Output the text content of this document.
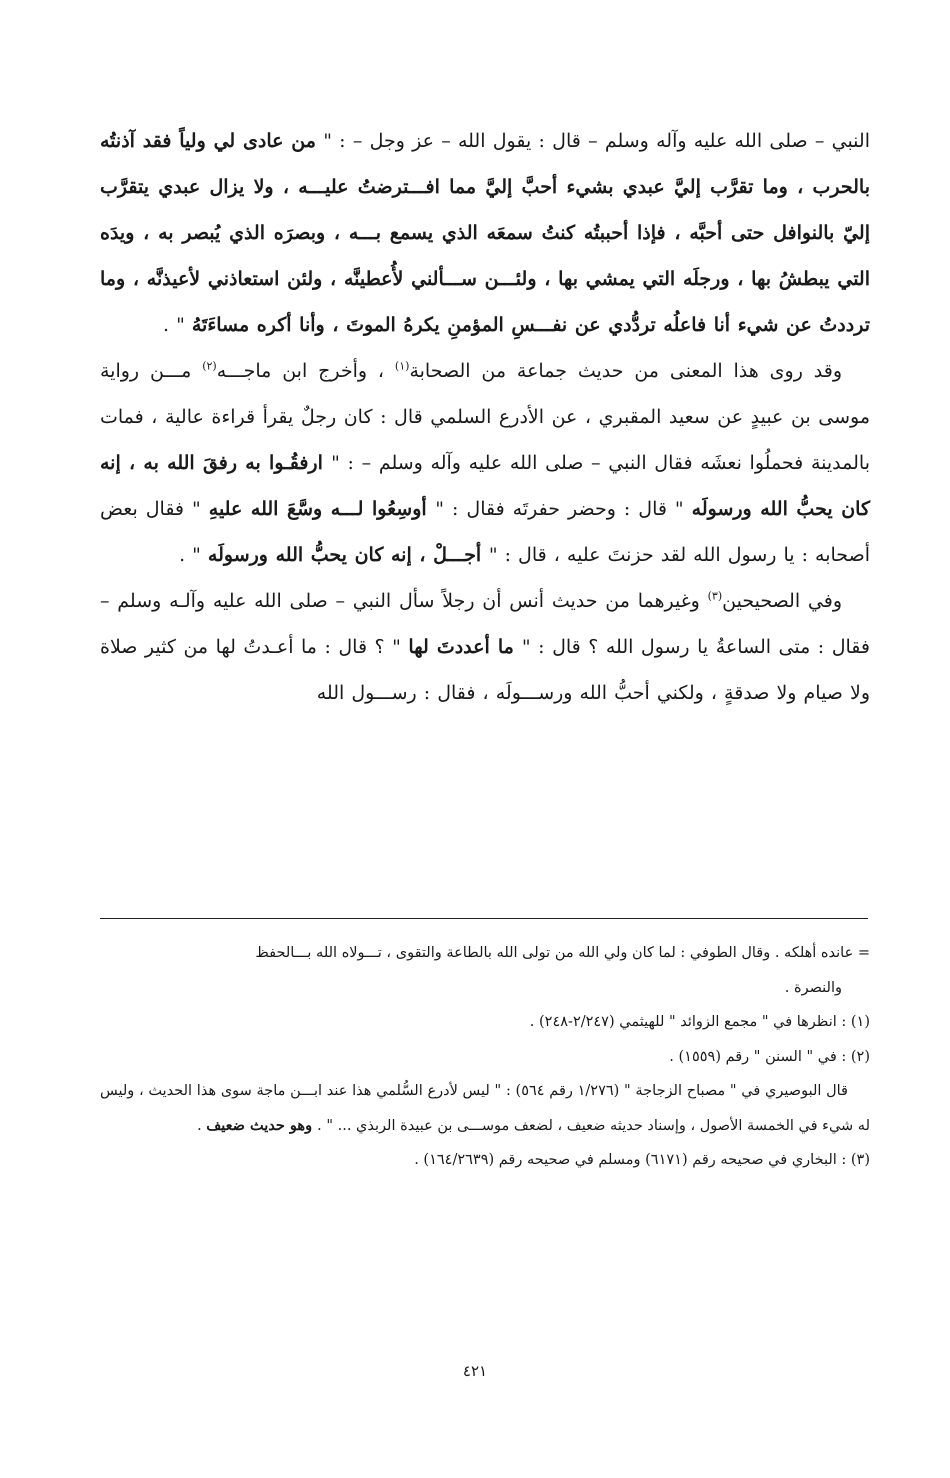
النبي – صلى الله عليه وآله وسلم – قال : يقول الله – عز وجل – : " من عادى لي ولياً فقد آذنتُه بالحرب ، وما تقرَّب إليَّ عبدي بشيء أحبَّ إليَّ مما افـــترضتُ عليـــه ، ولا يزال عبدي يتقرَّب إليّ بالنوافل حتى أحبَّه ، فإذا أحببتُه كنتُ سمعَه الذي يسمع بـــه ، وبصرَه الذي يُبصر به ، ويدَه التي يبطشُ بها ، ورجلَه التي يمشي بها ، ولئـــن ســـألني لأُعطينَّه ، ولئن استعاذني لأعيذنَّه ، وما ترددتُ عن شيء أنا فاعلُه تردُّدي عن نفـــسِ المؤمنِ يكرهُ الموتَ ، وأنا أكره مساءَتَهُ " .

وقد روى هذا المعنى من حديث جماعة من الصحابة$^{(١)}$ ، وأخرج ابن ماجـــه$^{(٢)}$ مـــن رواية موسى بن عبيدٍ عن سعيد المقبري ، عن الأدرع السلمي قال : كان رجلٌ يقرأ قراءة عالية ، فمات بالمدينة فحملُوا نعشَه فقال النبي – صلى الله عليه وآله وسلم – : " ارفقُـوا به رفقَ الله به ، إنه كان يحبُّ الله ورسولَه " قال : وحضر حفرتَه فقال : " أوسِعُوا لـــه وسَّعَ الله عليهِ " فقال بعض أصحابه : يا رسول الله لقد حزنتَ عليه ، قال : " أجـــلْ ، إنه كان يحبُّ الله ورسولَه " .

وفي الصحيحين$^{(٣)}$ وغيرهما من حديث أنس أن رجلاً سأل النبي – صلى الله عليه وآلـه وسلم – فقال : متى الساعةُ يا رسول الله ؟ قال : " ما أعددتَ لها " ؟ قال : ما أعـدتُ لها من كثير صلاة ولا صيام ولا صدقةٍ ، ولكني أحبُّ الله ورســـولَه ، فقال : رســـول الله

= عانده أهلكه . وقال الطوفي : لما كان ولي الله من تولى الله بالطاعة والتقوى ، تـــولاه الله بـــالحفظ

والنصرة .

(١) : انظرها في " مجمع الزوائد " للهيثمي (٢/٢٤٧-٢٤٨) .

(٢) : في " السنن " رقم (١٥٥٩) .

قال البوصيري في " مصباح الزجاجة " (١/٢٧٦ رقم ٥٦٤) : " ليس لأدرع السُّلمي هذا عند ابـــن ماجة سوى هذا الحديث ، وليس له شيء في الخمسة الأصول ، وإسناد حديثه ضعيف ، لضعف موســـى بن عبيدة الربذي ... " . وهو حديث ضعيف .

(٣) : البخاري في صحيحه رقم (٦١٧١) ومسلم في صحيحه رقم (١٦٤/٢٦٣٩) .

٤٢١
